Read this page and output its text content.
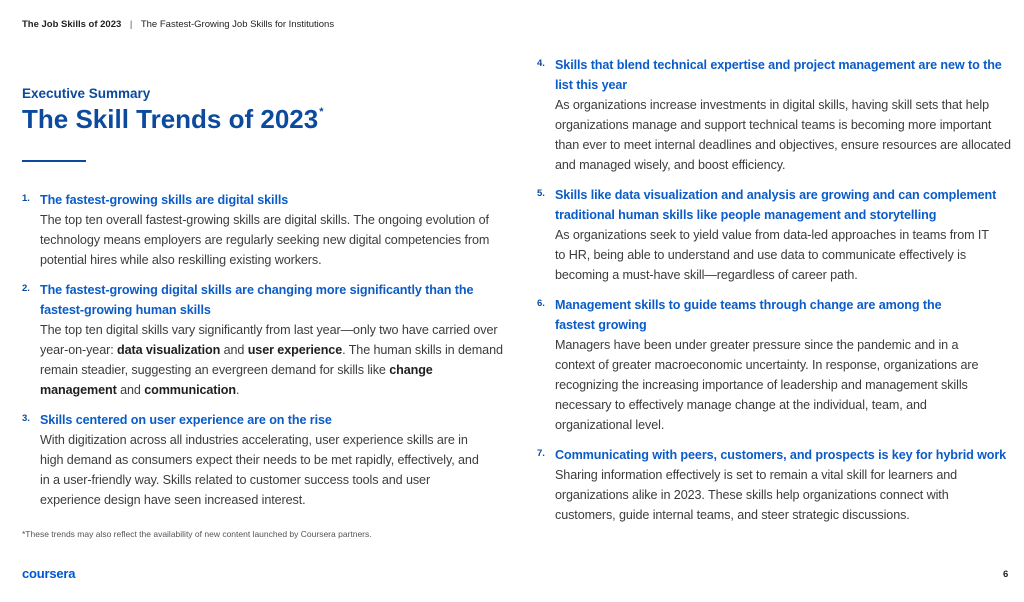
The Job Skills of 2023 | The Fastest-Growing Job Skills for Institutions
Executive Summary
The Skill Trends of 2023*
1. The fastest-growing skills are digital skills
The top ten overall fastest-growing skills are digital skills. The ongoing evolution of technology means employers are regularly seeking new digital competencies from potential hires while also reskilling existing workers.
2. The fastest-growing digital skills are changing more significantly than the fastest-growing human skills
The top ten digital skills vary significantly from last year—only two have carried over year-on-year: data visualization and user experience. The human skills in demand remain steadier, suggesting an evergreen demand for skills like change management and communication.
3. Skills centered on user experience are on the rise
With digitization across all industries accelerating, user experience skills are in high demand as consumers expect their needs to be met rapidly, effectively, and in a user-friendly way. Skills related to customer success tools and user experience design have seen increased interest.
4. Skills that blend technical expertise and project management are new to the list this year
As organizations increase investments in digital skills, having skill sets that help organizations manage and support technical teams is becoming more important than ever to meet internal deadlines and objectives, ensure resources are allocated and managed wisely, and boost efficiency.
5. Skills like data visualization and analysis are growing and can complement traditional human skills like people management and storytelling
As organizations seek to yield value from data-led approaches in teams from IT to HR, being able to understand and use data to communicate effectively is becoming a must-have skill—regardless of career path.
6. Management skills to guide teams through change are among the fastest growing
Managers have been under greater pressure since the pandemic and in a context of greater macroeconomic uncertainty. In response, organizations are recognizing the increasing importance of leadership and management skills necessary to effectively manage change at the individual, team, and organizational level.
7. Communicating with peers, customers, and prospects is key for hybrid work
Sharing information effectively is set to remain a vital skill for learners and organizations alike in 2023. These skills help organizations connect with customers, guide internal teams, and steer strategic discussions.
*These trends may also reflect the availability of new content launched by Coursera partners.
coursera	6
